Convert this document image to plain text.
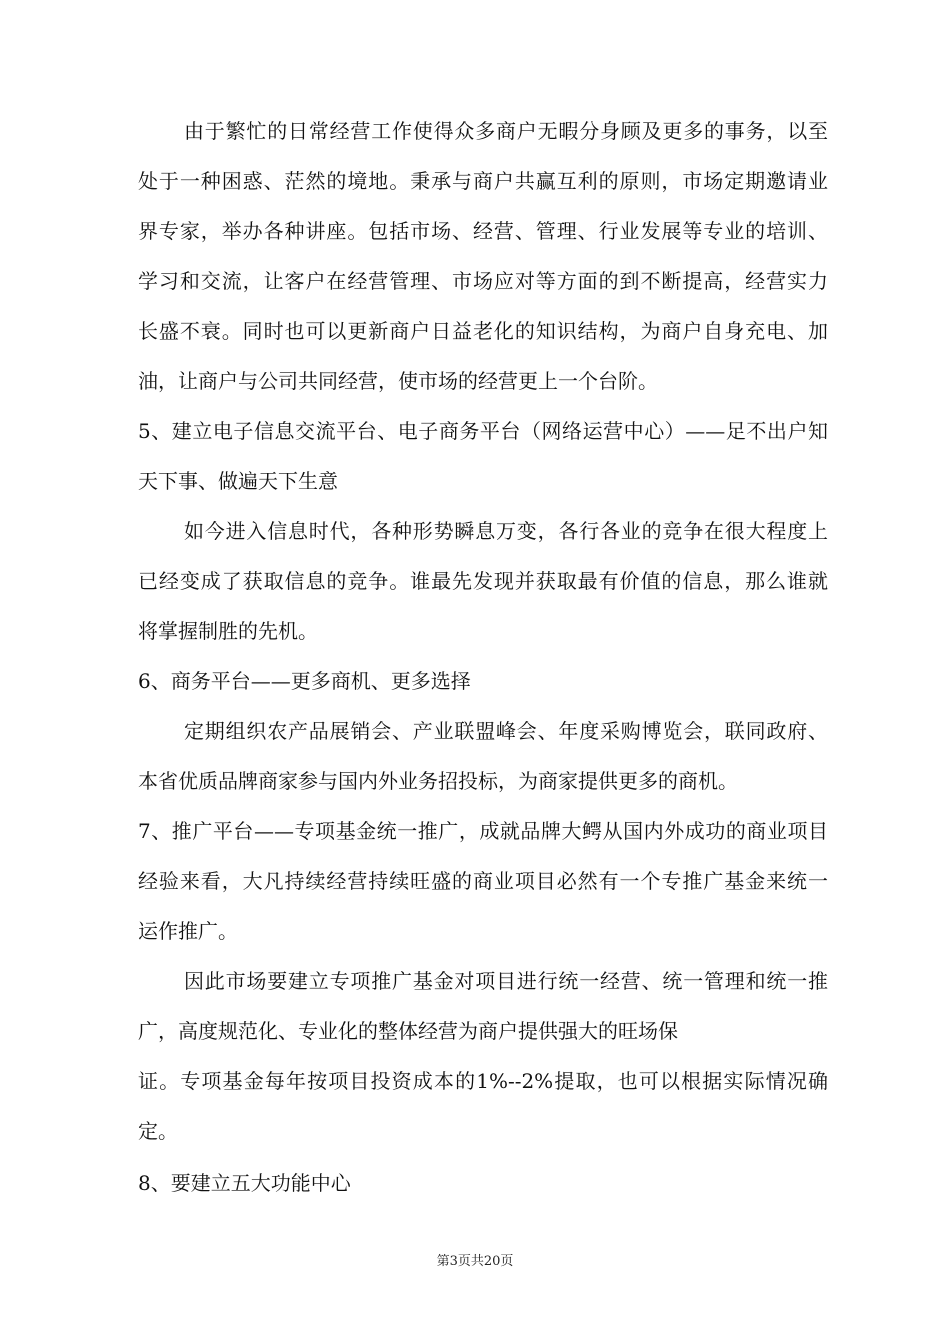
由于繁忙的日常经营工作使得众多商户无暇分身顾及更多的事务，以至
处于一种困惑、茫然的境地。秉承与商户共赢互利的原则，市场定期邀请业
界专家，举办各种讲座。包括市场、经营、管理、行业发展等专业的培训、
学习和交流，让客户在经营管理、市场应对等方面的到不断提高，经营实力
长盛不衰。同时也可以更新商户日益老化的知识结构，为商户自身充电、加
油，让商户与公司共同经营，使市场的经营更上一个台阶。
5、建立电子信息交流平台、电子商务平台（网络运营中心）——足不出户知
天下事、做遍天下生意
如今进入信息时代，各种形势瞬息万变，各行各业的竞争在很大程度上
已经变成了获取信息的竞争。谁最先发现并获取最有价值的信息，那么谁就
将掌握制胜的先机。
6、商务平台——更多商机、更多选择
定期组织农产品展销会、产业联盟峰会、年度采购博览会，联同政府、
本省优质品牌商家参与国内外业务招投标，为商家提供更多的商机。
7、推广平台——专项基金统一推广，成就品牌大鳄从国内外成功的商业项目
经验来看，大凡持续经营持续旺盛的商业项目必然有一个专推广基金来统一
运作推广。
因此市场要建立专项推广基金对项目进行统一经营、统一管理和统一推
广，高度规范化、专业化的整体经营为商户提供强大的旺场保
证。专项基金每年按项目投资成本的1%--2%提取，也可以根据实际情况确
定。
8、要建立五大功能中心
第3页共20页
